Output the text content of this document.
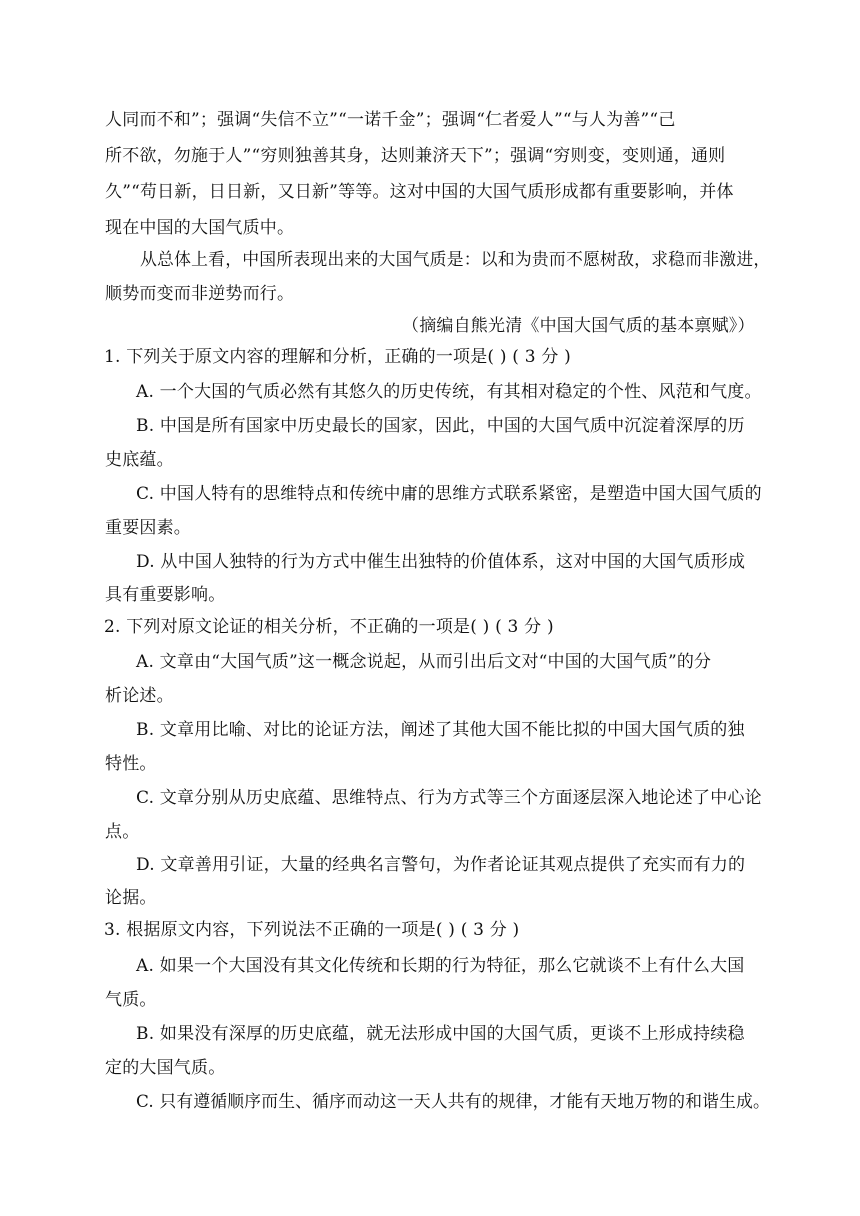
人同而不和”；强调“失信不立”“一诺千金”；强调“仁者爱人”“与人为善”“己
所不欲，勿施于人”“穷则独善其身，达则兼济天下”；强调“穷则变，变则通，通则
久”“苟日新，日日新，又日新”等等。这对中国的大国气质形成都有重要影响，并体
现在中国的大国气质中。
从总体上看，中国所表现出来的大国气质是：以和为贵而不愿树敌，求稳而非激进，
顺势而变而非逆势而行。
（摘编自熊光清《中国大国气质的基本禀赋》）
1. 下列关于原文内容的理解和分析，正确的一项是( ) ( 3 分 )
A. 一个大国的气质必然有其悠久的历史传统，有其相对稳定的个性、风范和气度。
B. 中国是所有国家中历史最长的国家，因此，中国的大国气质中沉淀着深厚的历
史底蕴。
C. 中国人特有的思维特点和传统中庸的思维方式联系紧密，是塑造中国大国气质的
重要因素。
D. 从中国人独特的行为方式中催生出独特的价值体系，这对中国的大国气质形成
具有重要影响。
2. 下列对原文论证的相关分析，不正确的一项是( ) ( 3 分 )
A. 文章由“大国气质”这一概念说起，从而引出后文对“中国的大国气质”的分
析论述。
B. 文章用比喻、对比的论证方法，阐述了其他大国不能比拟的中国大国气质的独
特性。
C. 文章分别从历史底蕴、思维特点、行为方式等三个方面逐层深入地论述了中心论
点。
D. 文章善用引证，大量的经典名言警句，为作者论证其观点提供了充实而有力的
论据。
3. 根据原文内容，下列说法不正确的一项是( ) ( 3 分 )
A. 如果一个大国没有其文化传统和长期的行为特征，那么它就谈不上有什么大国
气质。
B. 如果没有深厚的历史底蕴，就无法形成中国的大国气质，更谈不上形成持续稳
定的大国气质。
C. 只有遵循顺序而生、循序而动这一天人共有的规律，才能有天地万物的和谐生成。
